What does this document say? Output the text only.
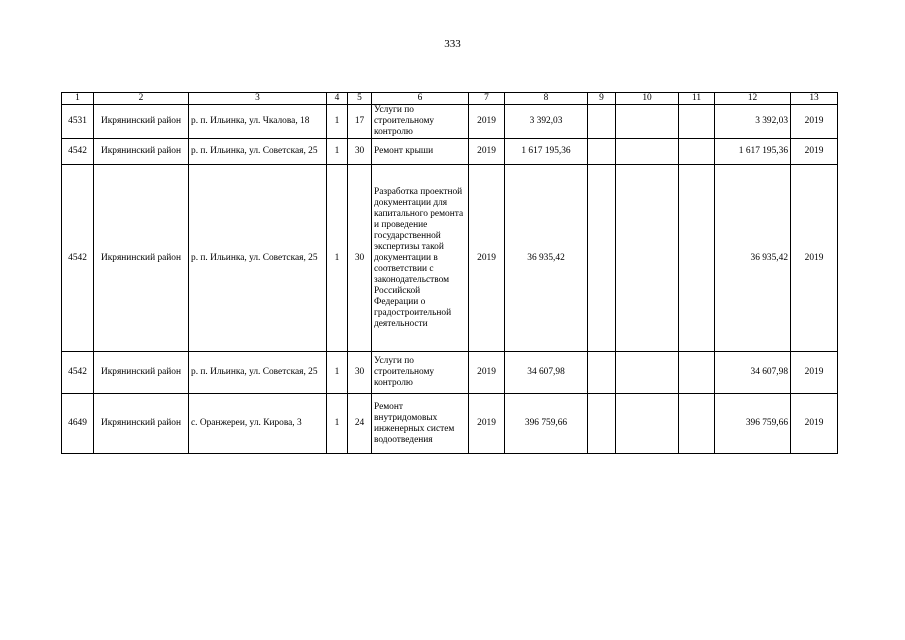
333
1	2	3	4	5	6	7	8	9	10	11	12	13
4531	Икрянинский район	р. п. Ильинка, ул. Чкалова, 18	1	17	Услуги по строительному контролю	2019	3 392,03				3 392,03	2019
4542	Икрянинский район	р. п. Ильинка, ул. Советская, 25	1	30	Ремонт крыши	2019	1 617 195,36				1 617 195,36	2019
4542	Икрянинский район	р. п. Ильинка, ул. Советская, 25	1	30	Разработка проектной документации для капитального ремонта и проведение государственной экспертизы такой документации в соответствии с законодательством Российской Федерации о градостроительной деятельности	2019	36 935,42				36 935,42	2019
4542	Икрянинский район	р. п. Ильинка, ул. Советская, 25	1	30	Услуги по строительному контролю	2019	34 607,98				34 607,98	2019
4649	Икрянинский район	с. Оранжереи, ул. Кирова, 3	1	24	Ремонт внутридомовых инженерных систем водоотведения	2019	396 759,66				396 759,66	2019
